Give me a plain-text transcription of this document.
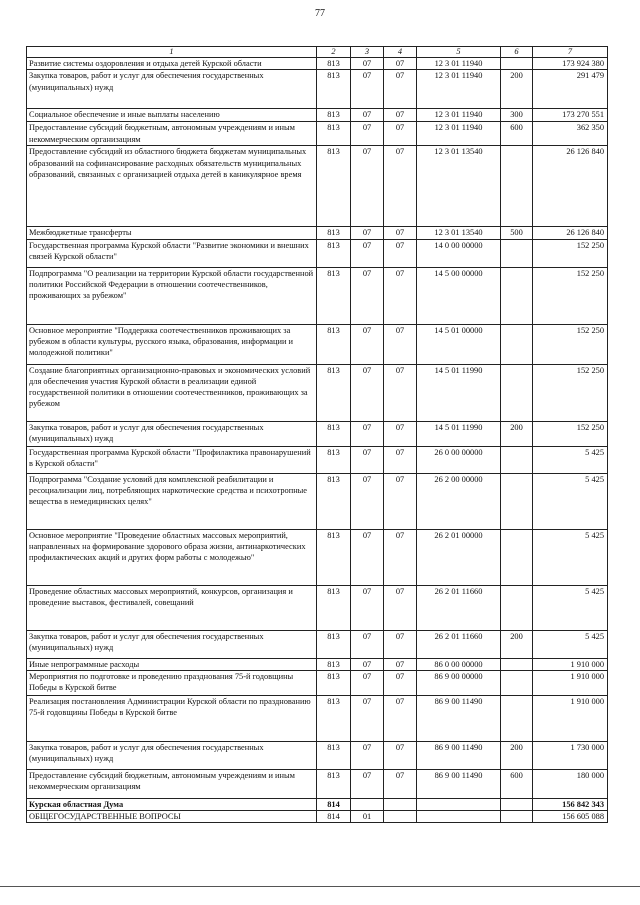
77
1	2	3	4	5	6	7
Развитие системы оздоровления и отдыха детей Курской области	813	07	07	12 3 01 11940		173 924 380
Закупка товаров, работ и услуг для обеспечения государственных (муниципальных) нужд	813	07	07	12 3 01 11940	200	291 479
Социальное обеспечение и иные выплаты населению	813	07	07	12 3 01 11940	300	173 270 551
Предоставление субсидий бюджетным, автономным учреждениям и иным некоммерческим организациям	813	07	07	12 3 01 11940	600	362 350
Предоставление субсидий из областного бюджета бюджетам муниципальных образований на софинансирование расходных обязательств муниципальных образований, связанных с организацией отдыха детей в каникулярное время	813	07	07	12 3 01 13540		26 126 840
Межбюджетные трансферты	813	07	07	12 3 01 13540	500	26 126 840
Государственная программа Курской области "Развитие экономики и внешних связей Курской области"	813	07	07	14 0 00 00000		152 250
Подпрограмма "О реализации на территории Курской области государственной политики Российской Федерации в отношении соотечественников, проживающих за рубежом"	813	07	07	14 5 00 00000		152 250
Основное мероприятие "Поддержка соотечественников проживающих за рубежом в области культуры, русского языка, образования, информации и молодежной политики"	813	07	07	14 5 01 00000		152 250
Создание благоприятных организационно-правовых и экономических условий для обеспечения участия Курской области в реализации единой государственной политики в отношении соотечественников, проживающих за рубежом	813	07	07	14 5 01 11990		152 250
Закупка товаров, работ и услуг для обеспечения государственных (муниципальных) нужд	813	07	07	14 5 01 11990	200	152 250
Государственная программа Курской области "Профилактика правонарушений в Курской области"	813	07	07	26 0 00 00000		5 425
Подпрограмма "Создание условий для комплексной реабилитации и ресоциализации лиц, потребляющих наркотические средства и психотропные вещества в немедицинских целях"	813	07	07	26 2 00 00000		5 425
Основное мероприятие "Проведение областных массовых мероприятий, направленных на формирование здорового образа жизни, антинаркотических профилактических акций и других форм работы с молодежью"	813	07	07	26 2 01 00000		5 425
Проведение областных массовых мероприятий, конкурсов, организация и проведение выставок, фестивалей, совещаний	813	07	07	26 2 01 11660		5 425
Закупка товаров, работ и услуг для обеспечения государственных (муниципальных) нужд	813	07	07	26 2 01 11660	200	5 425
Иные непрограммные расходы	813	07	07	86 0 00 00000		1 910 000
Мероприятия по подготовке и проведению празднования 75-й годовщины Победы в Курской битве	813	07	07	86 9 00 00000		1 910 000
Реализация постановления Администрации Курской области по празднованию 75-й годовщины Победы в Курской битве	813	07	07	86 9 00 11490		1 910 000
Закупка товаров, работ и услуг для обеспечения государственных (муниципальных) нужд	813	07	07	86 9 00 11490	200	1 730 000
Предоставление субсидий бюджетным, автономным учреждениям и иным некоммерческим организациям	813	07	07	86 9 00 11490	600	180 000
Курская областная Дума	814					156 842 343
ОБЩЕГОСУДАРСТВЕННЫЕ ВОПРОСЫ	814	01				156 605 088
